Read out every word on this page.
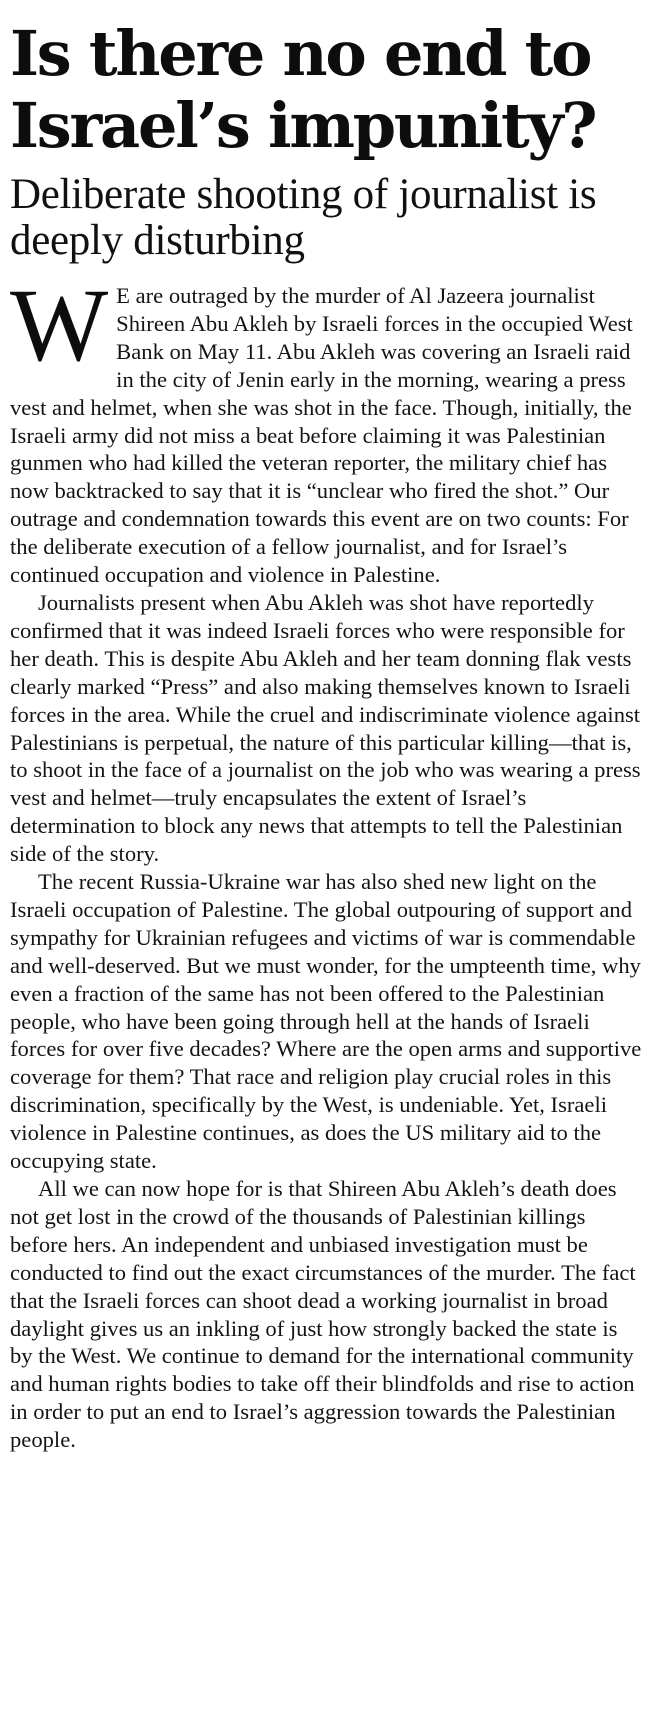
Is there no end to Israel’s impunity?
Deliberate shooting of journalist is deeply disturbing

W E are outraged by the murder of Al Jazeera journalist Shireen Abu Akleh by Israeli forces in the occupied West Bank on May 11. Abu Akleh was covering an Israeli raid in the city of Jenin early in the morning, wearing a press vest and helmet, when she was shot in the face. Though, initially, the Israeli army did not miss a beat before claiming it was Palestinian gunmen who had killed the veteran reporter, the military chief has now backtracked to say that it is “unclear who fired the shot.” Our outrage and condemnation towards this event are on two counts: For the deliberate execution of a fellow journalist, and for Israel’s continued occupation and violence in Palestine.

Journalists present when Abu Akleh was shot have reportedly confirmed that it was indeed Israeli forces who were responsible for her death. This is despite Abu Akleh and her team donning flak vests clearly marked “Press” and also making themselves known to Israeli forces in the area. While the cruel and indiscriminate violence against Palestinians is perpetual, the nature of this particular killing—that is, to shoot in the face of a journalist on the job who was wearing a press vest and helmet—truly encapsulates the extent of Israel’s determination to block any news that attempts to tell the Palestinian side of the story.

The recent Russia-Ukraine war has also shed new light on the Israeli occupation of Palestine. The global outpouring of support and sympathy for Ukrainian refugees and victims of war is commendable and well-deserved. But we must wonder, for the umpteenth time, why even a fraction of the same has not been offered to the Palestinian people, who have been going through hell at the hands of Israeli forces for over five decades? Where are the open arms and supportive coverage for them? That race and religion play crucial roles in this discrimination, specifically by the West, is undeniable. Yet, Israeli violence in Palestine continues, as does the US military aid to the occupying state.

All we can now hope for is that Shireen Abu Akleh’s death does not get lost in the crowd of the thousands of Palestinian killings before hers. An independent and unbiased investigation must be conducted to find out the exact circumstances of the murder. The fact that the Israeli forces can shoot dead a working journalist in broad daylight gives us an inkling of just how strongly backed the state is by the West. We continue to demand for the international community and human rights bodies to take off their blindfolds and rise to action in order to put an end to Israel’s aggression towards the Palestinian people.
